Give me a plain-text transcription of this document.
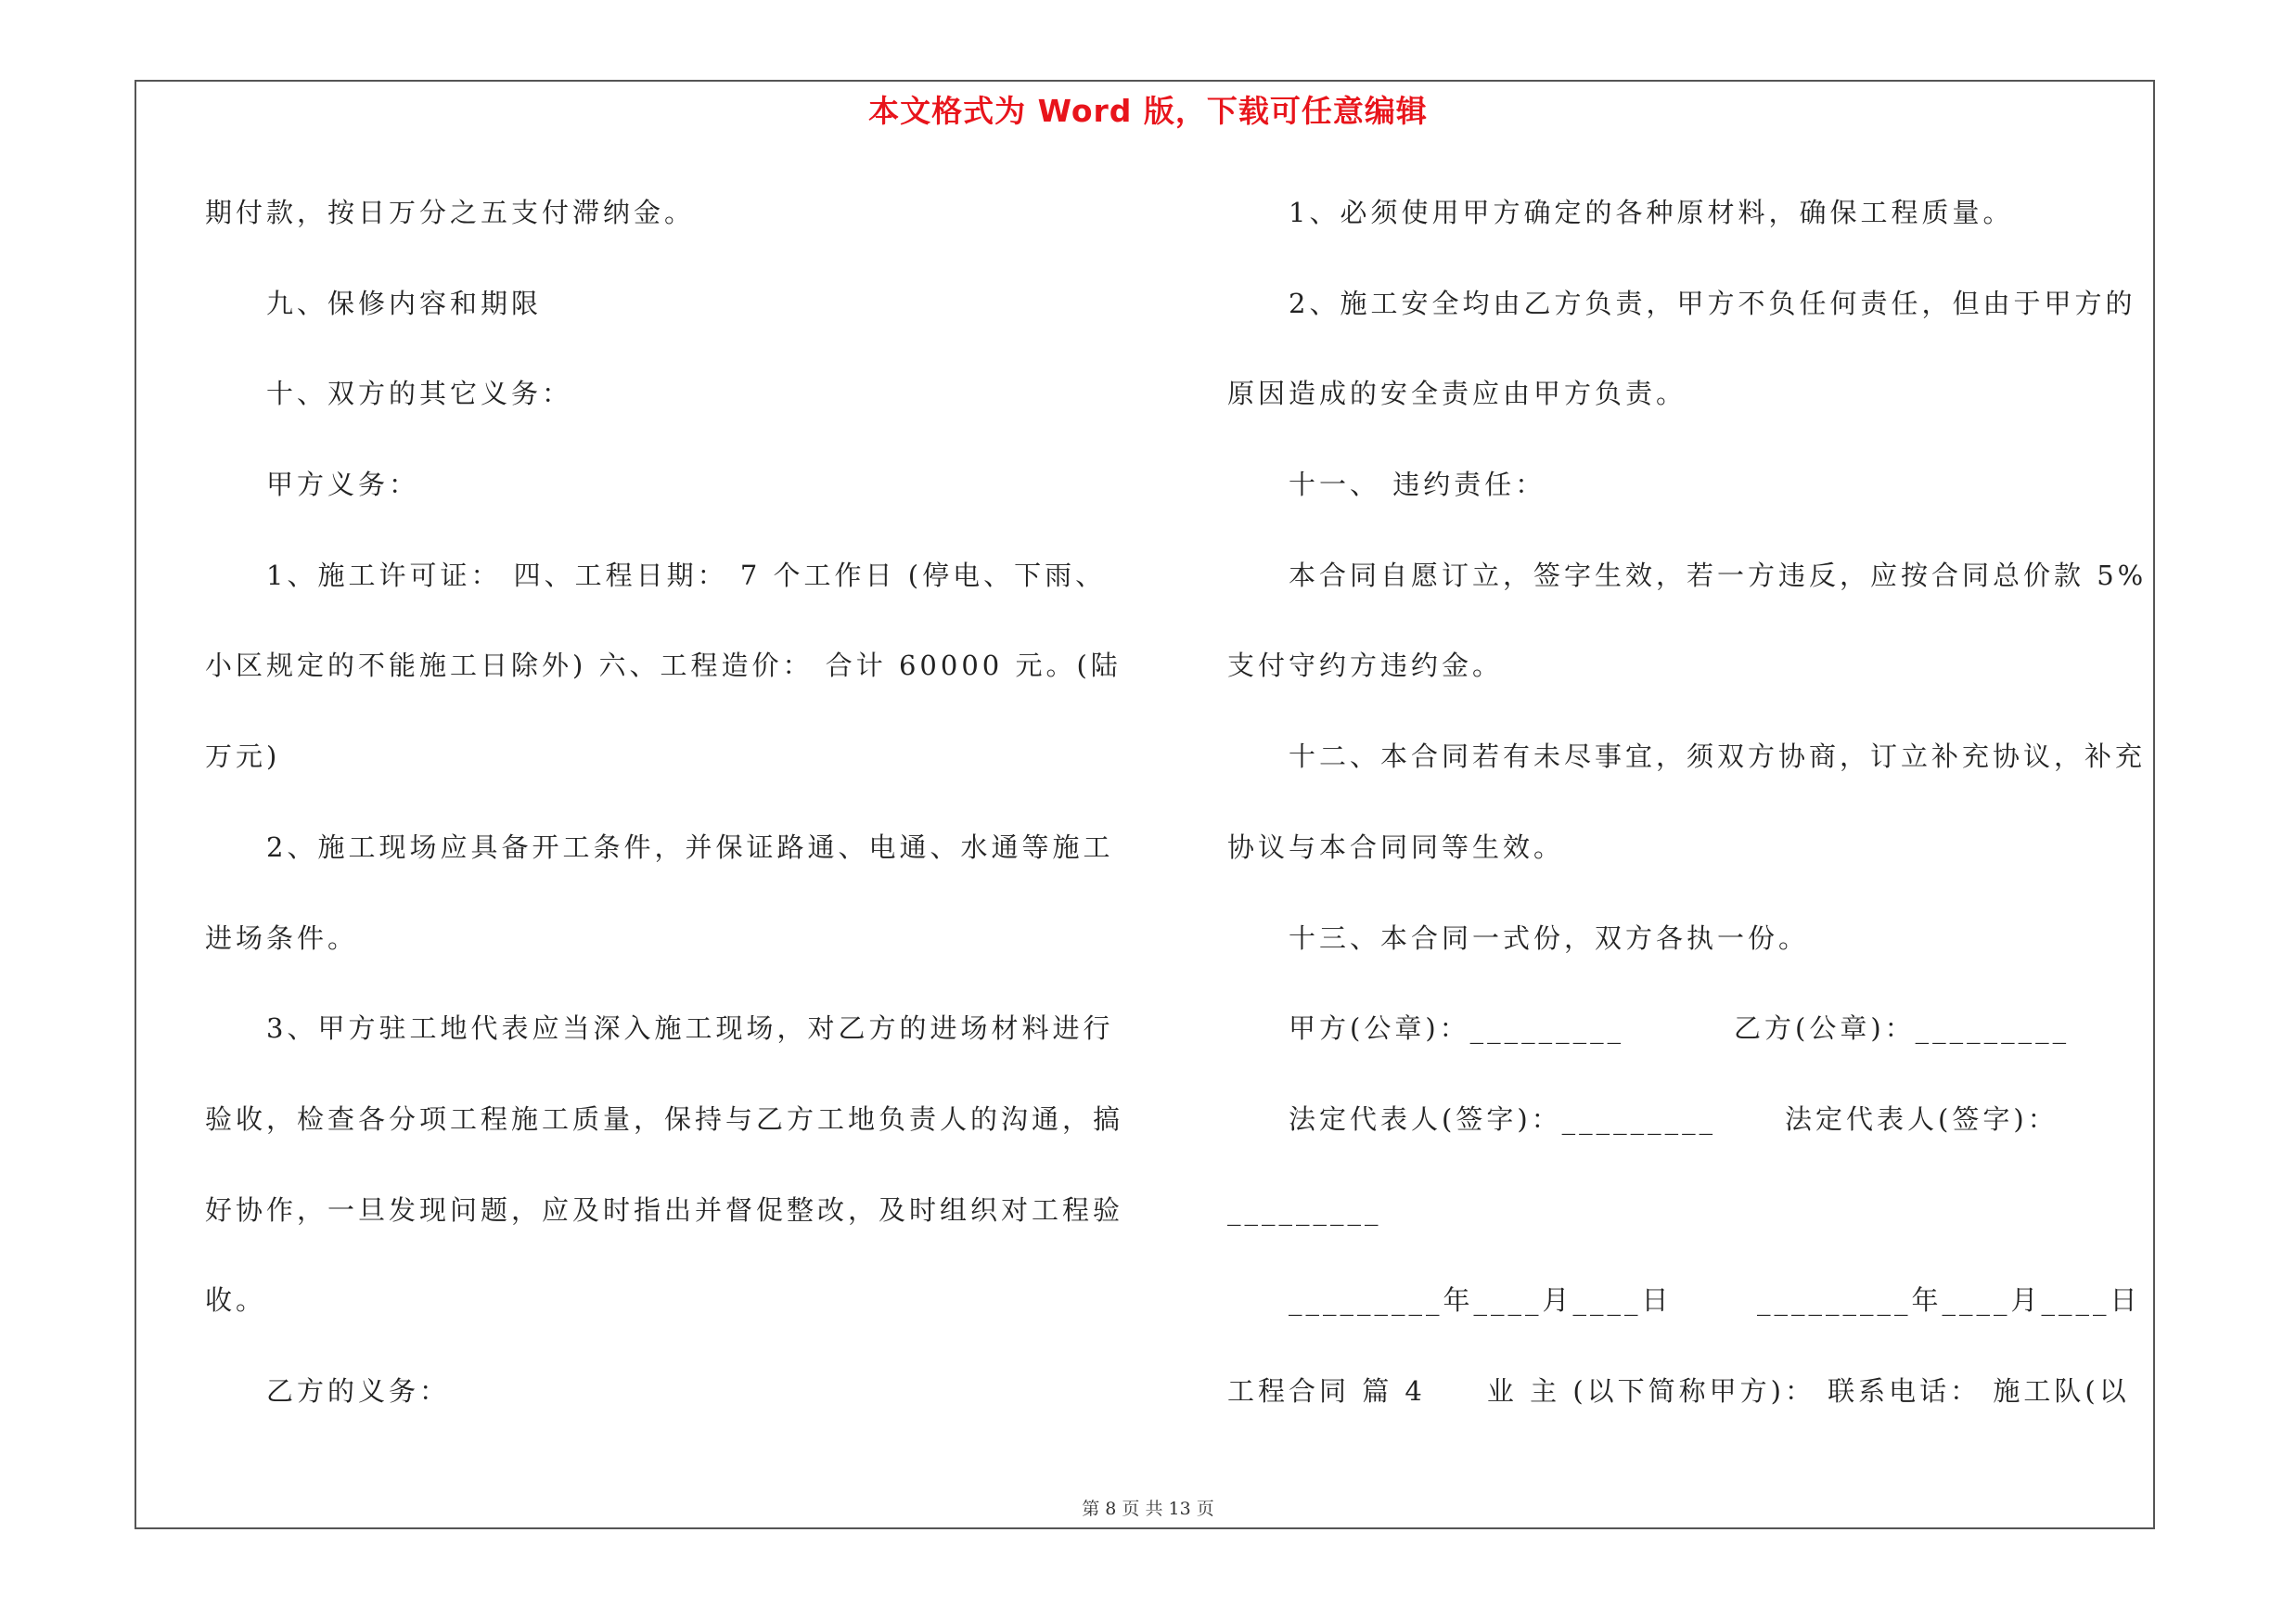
本文格式为 Word 版，下载可任意编辑
期付款，按日万分之五支付滞纳金。
九、保修内容和期限
十、双方的其它义务：
甲方义务：
1、施工许可证： 四、工程日期： 7 个工作日 (停电、下雨、
小区规定的不能施工日除外) 六、工程造价： 合计 60000 元。(陆
万元)
2、施工现场应具备开工条件，并保证路通、电通、水通等施工
进场条件。
3、甲方驻工地代表应当深入施工现场，对乙方的进场材料进行
验收，检查各分项工程施工质量，保持与乙方工地负责人的沟通，搞
好协作，一旦发现问题，应及时指出并督促整改，及时组织对工程验
收。
乙方的义务：
1、必须使用甲方确定的各种原材料，确保工程质量。
2、施工安全均由乙方负责，甲方不负任何责任，但由于甲方的
原因造成的安全责应由甲方负责。
十一、 违约责任：
本合同自愿订立，签字生效，若一方违反，应按合同总价款 5%
支付守约方违约金。
十二、本合同若有未尽事宜，须双方协商，订立补充协议，补充
协议与本合同同等生效。
十三、本合同一式份，双方各执一份。
甲方(公章)：_________	乙方(公章)：_________
法定代表人(签字)：_________	法定代表人(签字)：
_________
_________年____月____日	_________年____月____日
工程合同 篇 4　　业 主 (以下简称甲方)： 联系电话： 施工队(以
第 8 页 共 13 页
